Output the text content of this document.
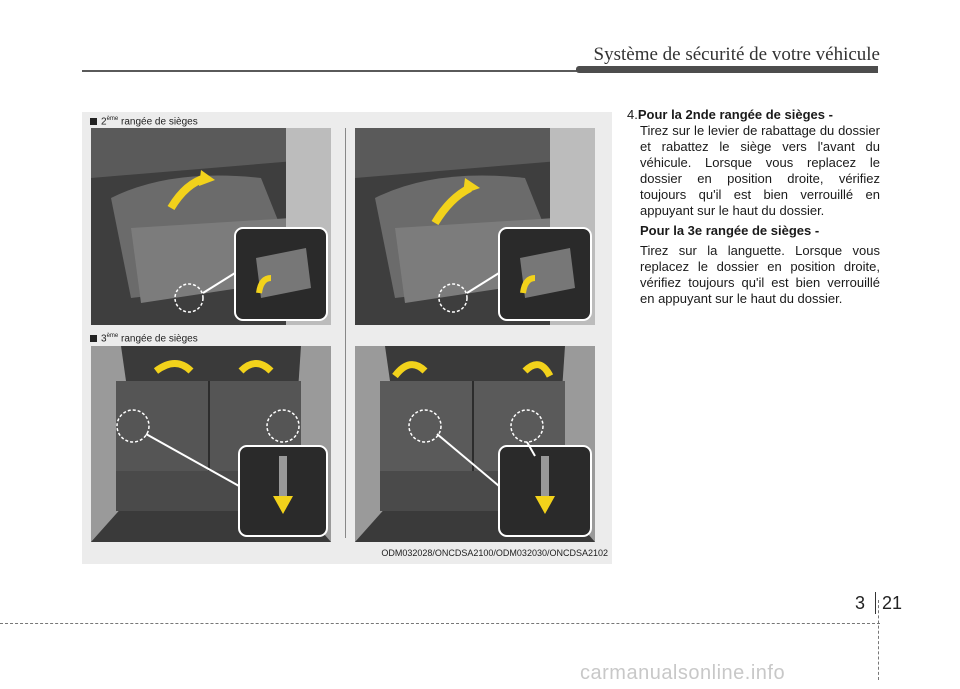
Système de sécurité de votre véhicule
2ème rangée de sièges
3ème rangée de sièges
ODM032028/ONCDSA2100/ODM032030/ONCDSA2102

4.Pour la 2nde rangée de sièges -

Tirez sur le levier de rabattage du dossier et rabattez le siège vers l'avant du véhicule. Lorsque vous replacez le dossier en position droite, vérifiez toujours qu'il est bien verrouillé en appuyant sur le haut du dossier.

Pour la 3e rangée de sièges -

Tirez sur la languette. Lorsque vous replacez le dossier en position droite, vérifiez toujours qu'il est bien verrouillé en appuyant sur le haut du dossier.

3 21
carmanualsonline.info
